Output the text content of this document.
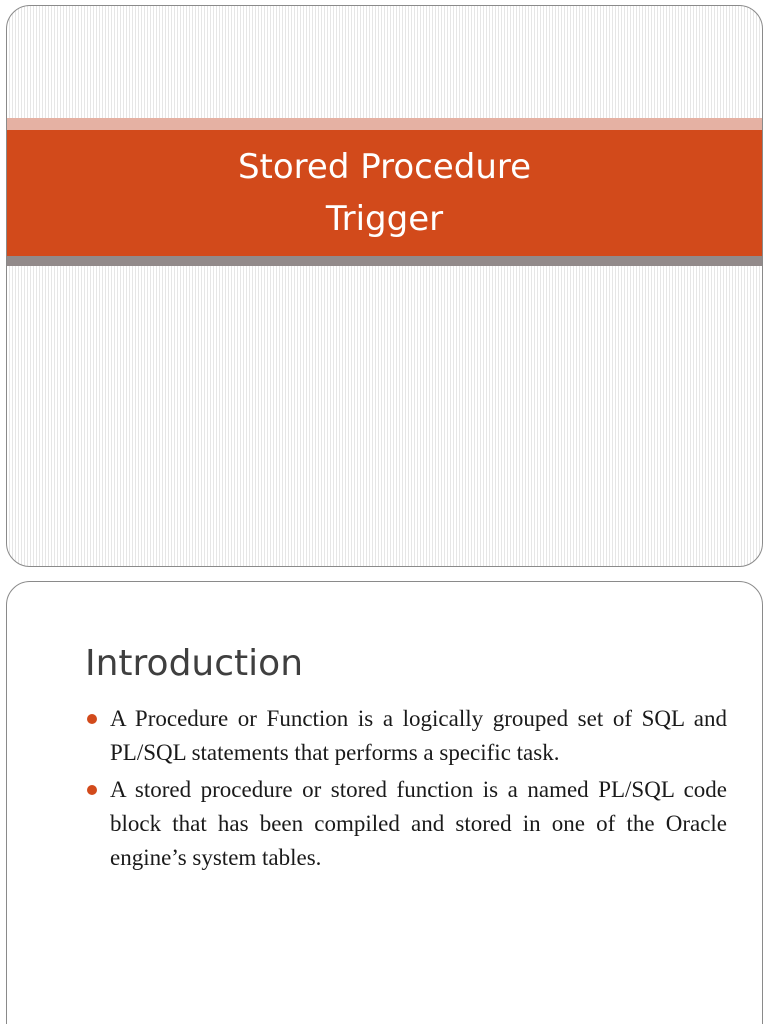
Stored Procedure
Trigger
Introduction
A Procedure or Function is a logically grouped set of SQL and PL/SQL statements that performs a specific task.
A stored procedure or stored function is a named PL/SQL code block that has been compiled and stored in one of the Oracle engine’s system tables.
